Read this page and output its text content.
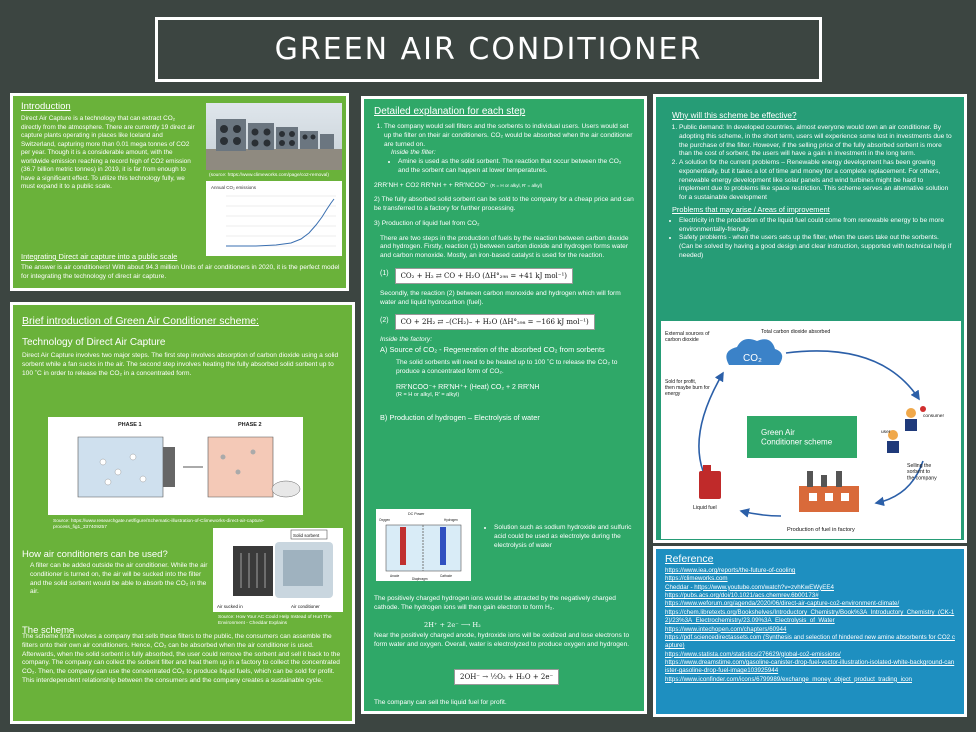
GREEN AIR CONDITIONER
Introduction

Direct Air Capture is a technology that can extract CO₂ directly from the atmosphere. There are currently 19 direct air capture plants operating in places like Iceland and Switzerland, capturing more than 0.01 mega tonnes of CO2 per year. Though it is a considerable amount, with the worldwide emission reaching a record high of CO2 emission (36.7 billion metric tonnes) in 2019, it is far from enough to have a significant effect. To utilize this technology fully, we must expand it to a public scale.

(source: https://www.climeworks.com/page/co2-removal)
Annual CO₂ emissions
Integrating Direct air capture into a public scale

The answer is air conditioners! With about 94.3 million Units of air conditioners in 2020, it is the perfect model for integrating the technology of direct air capture.

Brief introduction of Green Air Conditioner scheme:
Technology of Direct Air Capture

Direct Air Capture involves two major steps. The first step involves absorption of carbon dioxide using a solid sorbent while a fan sucks in the air. The second step involves heating the fully absorbed solid sorbent up to 100 ˚C in order to release the CO₂ in a concentrated form.

PHASE 1	PHASE 2
Source: https://www.researchgate.net/figure/Schematic-illustration-of-Climeworks-direct-air-capture-process_fig1_337409257
How air conditioners can be used?

A filter can be added outside the air conditioner. While the air conditioner is turned on, the air will be sucked into the filter and the solid sorbent would be able to absorb the CO₂ in the air.

Solid sorbent
Air sucked in	Air conditioner
Source: How Your AC Could Help Instead of Hurt The Environment - Cheddar Explains
The scheme

The scheme first involves a company that sells these filters to the public, the consumers can assemble the filters onto their own air conditioners. Hence, CO₂ can be absorbed when the air conditioner is used. Afterwards, when the solid sorbent is fully absorbed, the user could remove the sorbent and sell it back to the company. The company can collect the sorbent filter and heat them up in a factory to collect the concentrated CO₂. Then, the company can use the concentrated CO₂ to produce liquid fuels, which can be sold for profit. This interdependent relationship between the consumers and the company creates a sustainable cycle.

Detailed explanation for each step
1. The company would sell filters and the sorbents to individual users. Users would set up the filter on their air conditioners. CO₂ would be absorbed when the air conditioner are turned on.

Inside the filter:

• Amine is used as the solid sorbent. The reaction that occur between the CO₂ and the sorbent can happen at lower temperatures.

2RR'NH + CO2 RR'NH + + RR'NCOO⁻ (R = H or alkyl, R' = alkyl)

2) The fully absorbed solid sorbent can be sold to the company for a cheap price and can be transferred to a factory for further processing.

3) Production of liquid fuel from CO₂

There are two steps in the production of fuels by the reaction between carbon dioxide and hydrogen. Firstly, reaction (1) between carbon dioxide and hydrogen forms water and carbon monoxide. Mostly, an iron-based catalyst is used for the reaction.

(1) CO₂ + H₂ ⇄ CO + H₂O (ΔH°₂₉₈ = +41 kJ mol⁻¹)

Secondly, the reaction (2) between carbon monoxide and hydrogen which will form water and liquid hydrocarbon (fuel).

(2) CO + 2H₂ ⇄ –(CH₂)– + H₂O (ΔH°₂₉₈ = −166 kJ mol⁻¹)

Inside the factory:

A) Source of CO₂ - Regeneration of the absorbed CO₂ from sorbents

The solid sorbents will need to be heated up to 100 ˚C to release the CO₂ to produce a concentrated form of CO₂.

RR'NCOO⁻+ RR'NH⁺+ (Heat) CO₂ + 2 RR'NH

(R = H or alkyl, R' = alkyl)

B) Production of hydrogen – Electrolysis of water

DC Power
Oxygen	Hydrogen
Anode
Diaphragm
Cathode
• Solution such as sodium hydroxide and sulfuric acid could be used as electrolyte during the electrolysis of water

The positively charged hydrogen ions would be attracted by the negatively charged cathode. The hydrogen ions will then gain electron to form H₂.

2H⁺ + 2e⁻ ⟶ H₂

Near the positively charged anode, hydroxide ions will be oxidized and lose electrons to form water and oxygen. Overall, water is electrolyzed to produce oxygen and hydrogen.

2OH⁻ → ½O₂ + H₂O + 2e⁻

The company can sell the liquid fuel for profit.

Why will this scheme be effective?
1. Public demand: In developed countries, almost everyone would own an air conditioner. By adopting this scheme, in the short term, users will experience some lost in investments due to the purchase of the filter. However, if the selling price of the fully absorbed sorbent is more than the cost of sorbent, the users will have a gain in investment in the long term.
2. A solution for the current problems – Renewable energy development has been growing exponentially, but it takes a lot of time and money for a complete replacement. For others, renewable energy development like solar panels and wind turbines might be hard to implement due to problems like space restriction. This scheme serves an alternative solution for a sustainable development
Problems that may arise / Areas of improvement
• Electricity in the production of the liquid fuel could come from renewable energy to be more environmentally-friendly.
• Safety problems - when the users sets up the filter, when the users take out the sorbents. (Can be solved by having a good design and clear instruction, supported with technical help if needed)
External sources of carbon dioxide
Total carbon dioxide absorbed
CO₂
Sold for profit, then maybe burn for energy
Green Air Conditioner scheme
consumer
user
Selling the sorbent to the company
Liquid fuel
Production of fuel in factory
Reference

https://www.iea.org/reports/the-future-of-cooling

https://climeworks.com

Cheddar - https://www.youtube.com/watch?v=zvhKwEWyEE4

https://pubs.acs.org/doi/10.1021/acs.chemrev.6b00173#

https://www.weforum.org/agenda/2020/06/direct-air-capture-co2-environment-climate/

https://chem.libretexts.org/Bookshelves/Introductory_Chemistry/Book%3A_Introductory_Chemistry_(CK-12)/23%3A_Electrochemistry/23.09%3A_Electrolysis_of_Water

https://www.intechopen.com/chapters/60944

https://pdf.sciencedirectassets.com (Synthesis and selection of hindered new amine absorbents for CO2 capture)

https://www.statista.com/statistics/276629/global-co2-emissions/

https://www.dreamstime.com/gasoline-canister-drop-fuel-vector-illustration-isolated-white-background-canister-gasoline-drop-fuel-image103925944

https://www.iconfinder.com/icons/6799989/exchange_money_object_product_trading_icon
